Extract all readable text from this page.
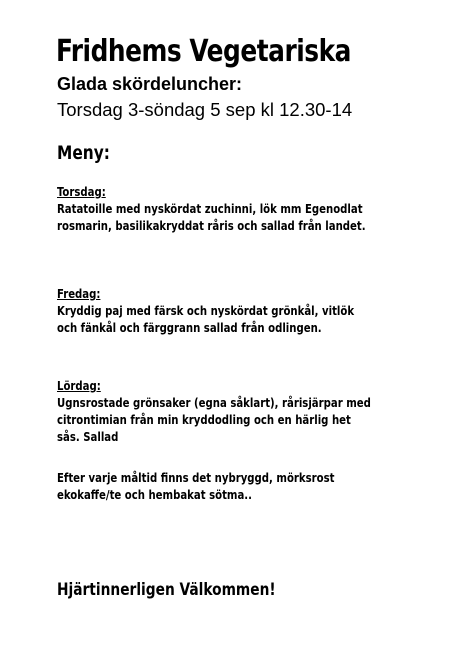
Fridhems Vegetariska
Glada skördeluncher:
Torsdag 3-söndag 5 sep kl 12.30-14
Meny:
Torsdag:
Ratatoille med nyskördat zuchinni, lök mm Egenodlat
rosmarin, basilikakryddat råris och sallad från landet.
Fredag:
Kryddig paj med färsk och nyskördat grönkål, vitlök
och fänkål och färggrann sallad från odlingen.
Lördag:
Ugnsrostade grönsaker (egna såklart), rårisjärpar med
citrontimian från min kryddodling och en härlig het
sås. Sallad
Efter varje måltid finns det nybryggd, mörksrost
ekokaffe/te och hembakat sötma..
Hjärtinnerligen Välkommen!
